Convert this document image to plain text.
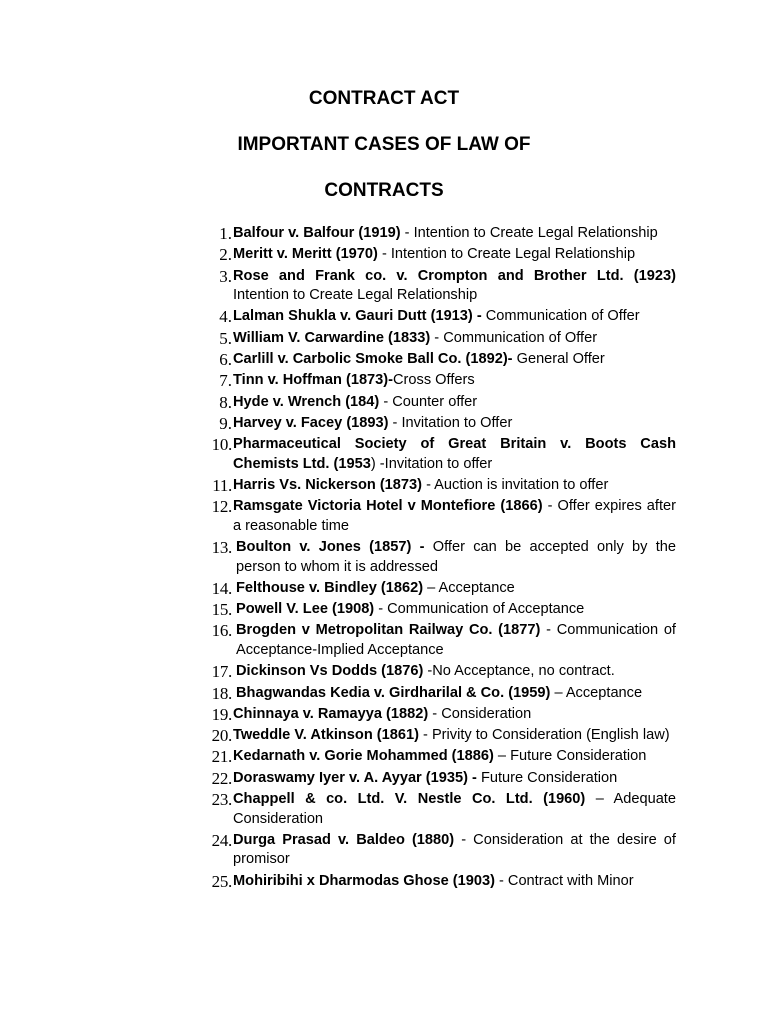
CONTRACT ACT
IMPORTANT CASES OF LAW OF
CONTRACTS
1. Balfour v. Balfour (1919) - Intention to Create Legal Relationship
2. Meritt v. Meritt (1970) - Intention to Create Legal Relationship
3. Rose and Frank co. v. Crompton and Brother Ltd. (1923) Intention to Create Legal Relationship
4. Lalman Shukla v. Gauri Dutt (1913) - Communication of Offer
5. William V. Carwardine (1833) - Communication of Offer
6. Carlill v. Carbolic Smoke Ball Co. (1892)- General Offer
7. Tinn v. Hoffman (1873)-Cross Offers
8. Hyde v. Wrench (184) - Counter offer
9. Harvey v. Facey (1893) - Invitation to Offer
10. Pharmaceutical Society of Great Britain v. Boots Cash Chemists Ltd. (1953) -Invitation to offer
11. Harris Vs. Nickerson (1873) - Auction is invitation to offer
12. Ramsgate Victoria Hotel v Montefiore (1866) - Offer expires after a reasonable time
13. Boulton v. Jones (1857) - Offer can be accepted only by the person to whom it is addressed
14. Felthouse v. Bindley (1862) – Acceptance
15. Powell V. Lee (1908) - Communication of Acceptance
16. Brogden v Metropolitan Railway Co. (1877) - Communication of Acceptance-Implied Acceptance
17. Dickinson Vs Dodds (1876) -No Acceptance, no contract.
18. Bhagwandas Kedia v. Girdharilal & Co. (1959) – Acceptance
19. Chinnaya v. Ramayya (1882) - Consideration
20. Tweddle V. Atkinson (1861) - Privity to Consideration (English law)
21. Kedarnath v. Gorie Mohammed (1886) – Future Consideration
22. Doraswamy Iyer v. A. Ayyar (1935) - Future Consideration
23. Chappell & co. Ltd. V. Nestle Co. Ltd. (1960) – Adequate Consideration
24. Durga Prasad v. Baldeo (1880) - Consideration at the desire of promisor
25. Mohiribihi x Dharmodas Ghose (1903) - Contract with Minor
